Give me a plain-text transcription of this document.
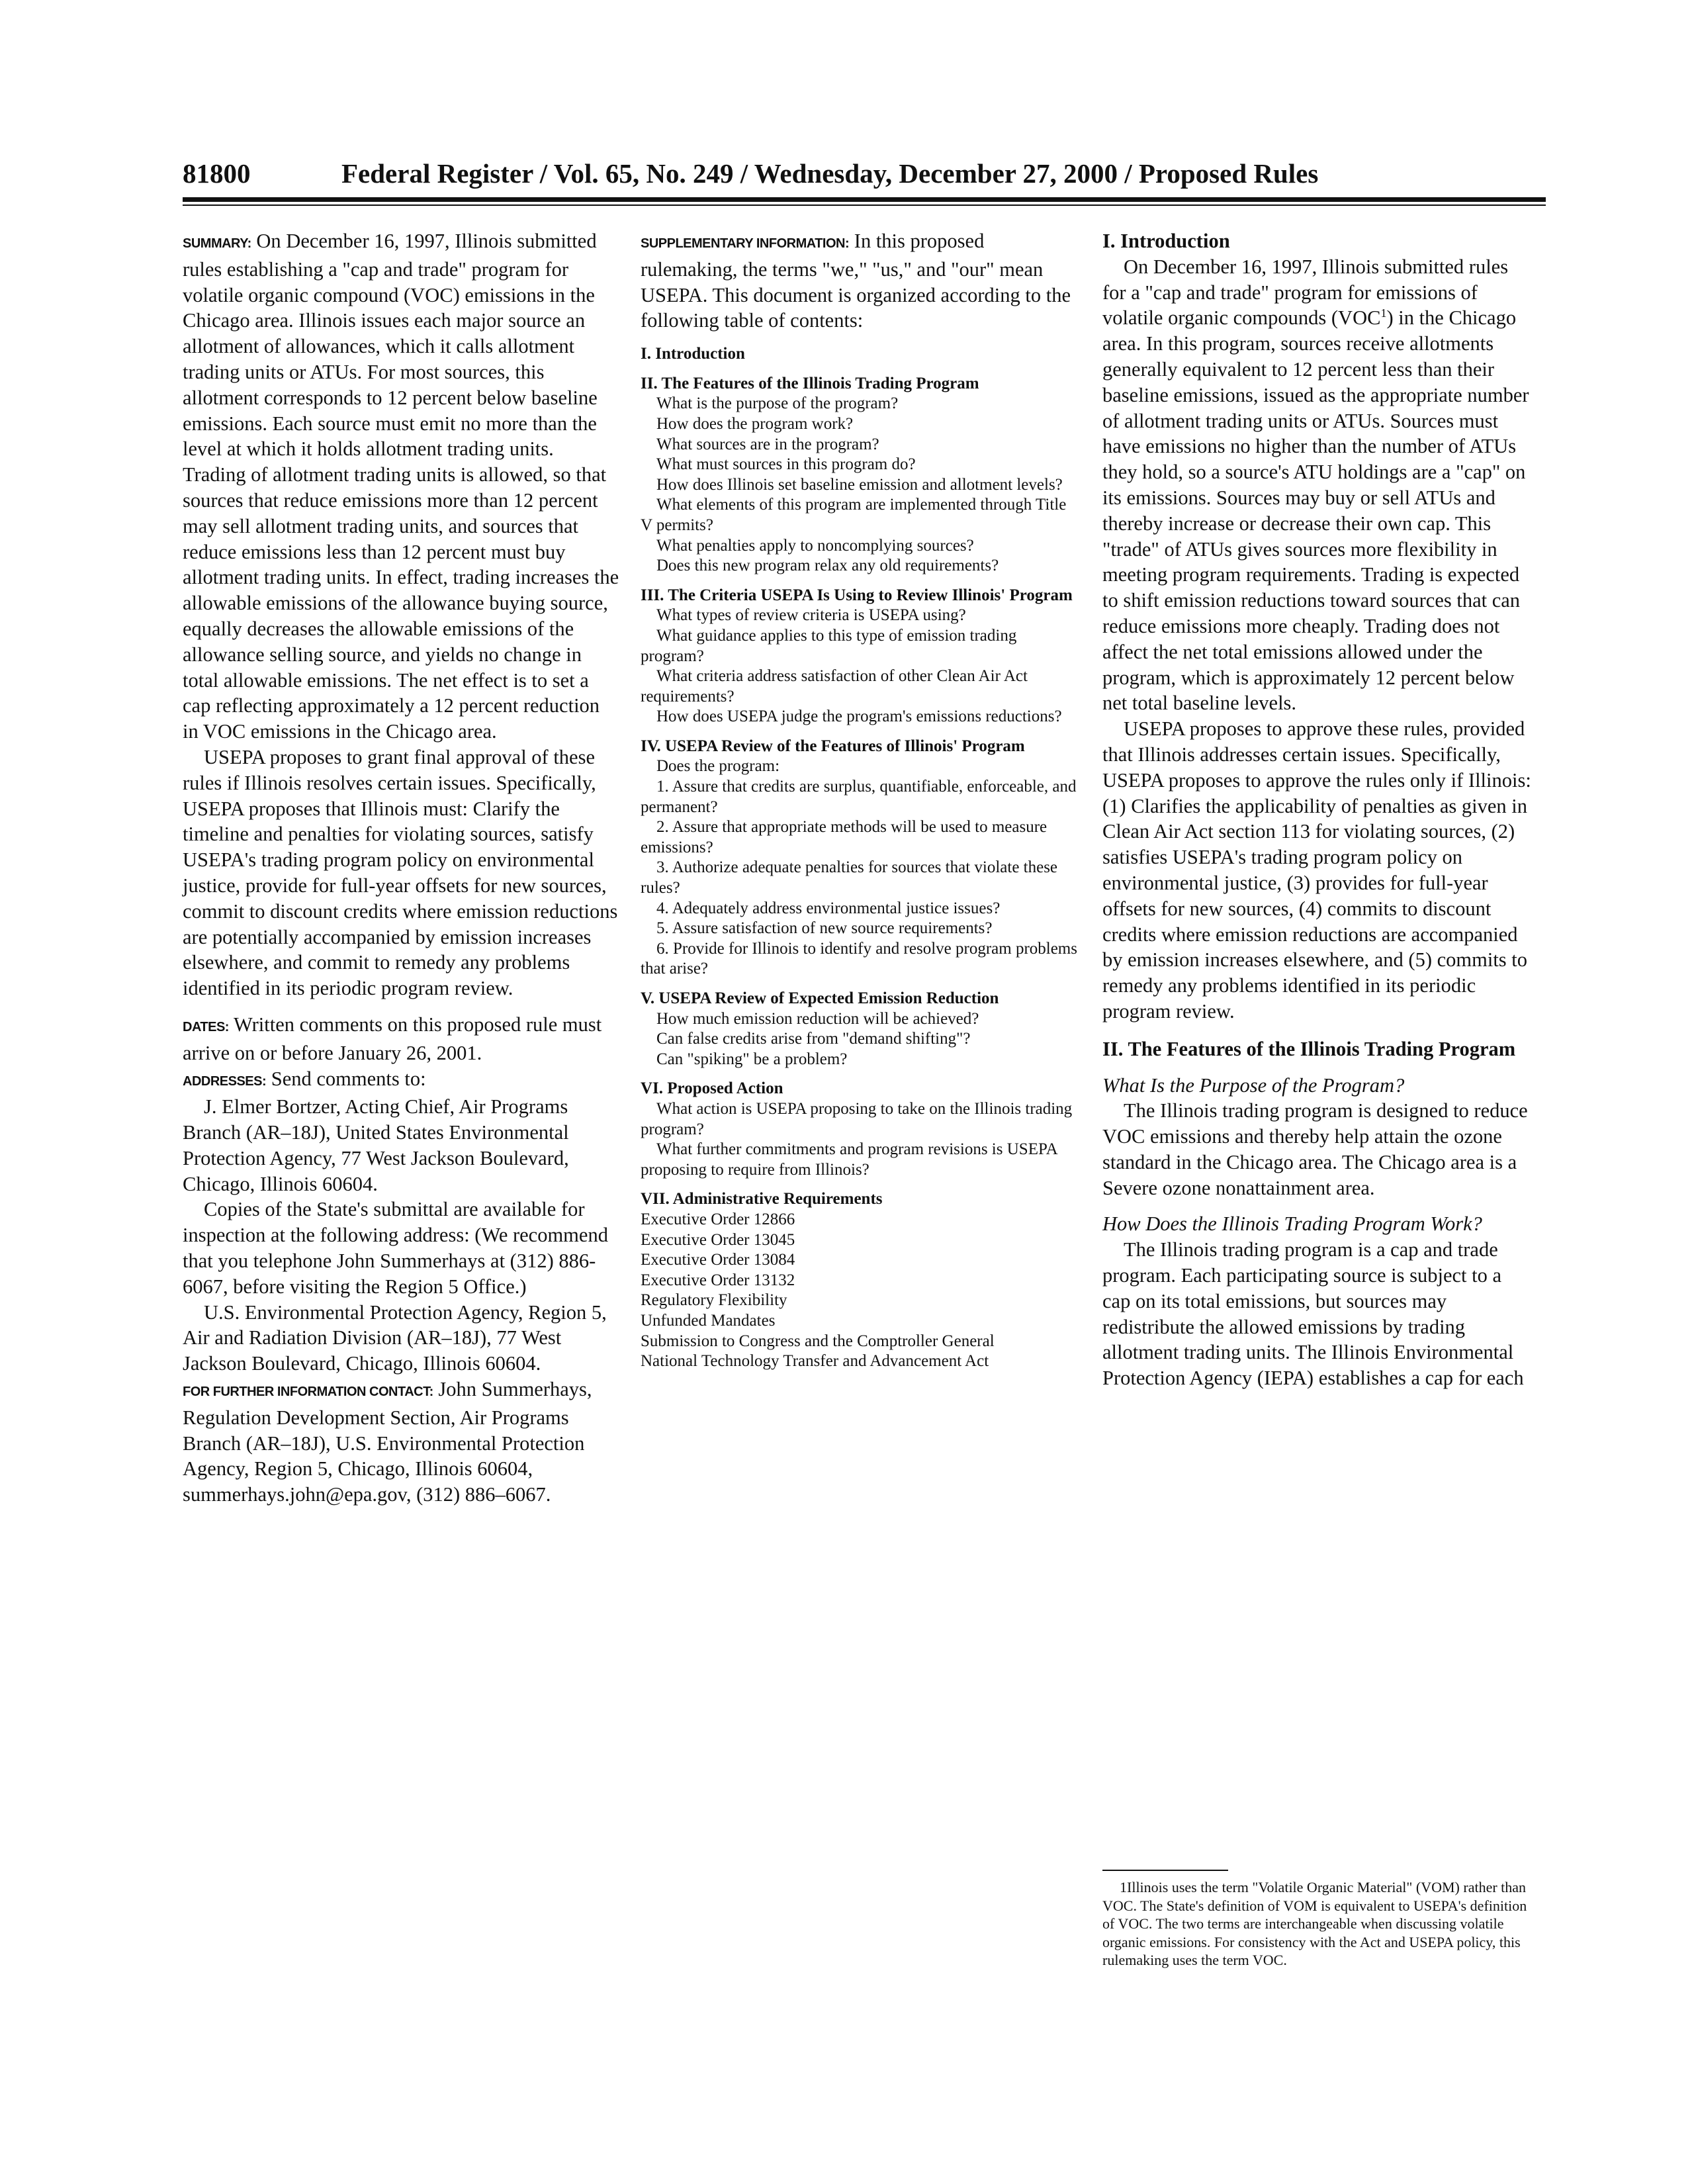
81800	Federal Register / Vol. 65, No. 249 / Wednesday, December 27, 2000 / Proposed Rules

SUMMARY: On December 16, 1997, Illinois submitted rules establishing a "cap and trade" program for volatile organic compound (VOC) emissions in the Chicago area. Illinois issues each major source an allotment of allowances, which it calls allotment trading units or ATUs. For most sources, this allotment corresponds to 12 percent below baseline emissions. Each source must emit no more than the level at which it holds allotment trading units. Trading of allotment trading units is allowed, so that sources that reduce emissions more than 12 percent may sell allotment trading units, and sources that reduce emissions less than 12 percent must buy allotment trading units. In effect, trading increases the allowable emissions of the allowance buying source, equally decreases the allowable emissions of the allowance selling source, and yields no change in total allowable emissions. The net effect is to set a cap reflecting approximately a 12 percent reduction in VOC emissions in the Chicago area.

USEPA proposes to grant final approval of these rules if Illinois resolves certain issues. Specifically, USEPA proposes that Illinois must: Clarify the timeline and penalties for violating sources, satisfy USEPA's trading program policy on environmental justice, provide for full-year offsets for new sources, commit to discount credits where emission reductions are potentially accompanied by emission increases elsewhere, and commit to remedy any problems identified in its periodic program review.

DATES: Written comments on this proposed rule must arrive on or before January 26, 2001.

ADDRESSES: Send comments to:

J. Elmer Bortzer, Acting Chief, Air Programs Branch (AR–18J), United States Environmental Protection Agency, 77 West Jackson Boulevard, Chicago, Illinois 60604.

Copies of the State's submittal are available for inspection at the following address: (We recommend that you telephone John Summerhays at (312) 886-6067, before visiting the Region 5 Office.)

U.S. Environmental Protection Agency, Region 5, Air and Radiation Division (AR–18J), 77 West Jackson Boulevard, Chicago, Illinois 60604.

FOR FURTHER INFORMATION CONTACT: John Summerhays, Regulation Development Section, Air Programs Branch (AR–18J), U.S. Environmental Protection Agency, Region 5, Chicago, Illinois 60604, summerhays.john@epa.gov, (312) 886–6067.

SUPPLEMENTARY INFORMATION: In this proposed rulemaking, the terms "we," "us," and "our" mean USEPA. This document is organized according to the following table of contents:

I. Introduction

II. The Features of the Illinois Trading Program

What is the purpose of the program?

How does the program work?

What sources are in the program?

What must sources in this program do?

How does Illinois set baseline emission and allotment levels?

What elements of this program are implemented through Title V permits?

What penalties apply to noncomplying sources?

Does this new program relax any old requirements?

III. The Criteria USEPA Is Using to Review Illinois' Program

What types of review criteria is USEPA using?

What guidance applies to this type of emission trading program?

What criteria address satisfaction of other Clean Air Act requirements?

How does USEPA judge the program's emissions reductions?

IV. USEPA Review of the Features of Illinois' Program

Does the program:

1. Assure that credits are surplus, quantifiable, enforceable, and permanent?

2. Assure that appropriate methods will be used to measure emissions?

3. Authorize adequate penalties for sources that violate these rules?

4. Adequately address environmental justice issues?

5. Assure satisfaction of new source requirements?

6. Provide for Illinois to identify and resolve program problems that arise?

V. USEPA Review of Expected Emission Reduction

How much emission reduction will be achieved?

Can false credits arise from "demand shifting"?

Can "spiking" be a problem?

VI. Proposed Action

What action is USEPA proposing to take on the Illinois trading program?

What further commitments and program revisions is USEPA proposing to require from Illinois?

VII. Administrative Requirements

Executive Order 12866

Executive Order 13045

Executive Order 13084

Executive Order 13132

Regulatory Flexibility

Unfunded Mandates

Submission to Congress and the Comptroller General

National Technology Transfer and Advancement Act

I. Introduction

On December 16, 1997, Illinois submitted rules for a "cap and trade" program for emissions of volatile organic compounds (VOC$^1$) in the Chicago area. In this program, sources receive allotments generally equivalent to 12 percent less than their baseline emissions, issued as the appropriate number of allotment trading units or ATUs. Sources must have emissions no higher than the number of ATUs they hold, so a source's ATU holdings are a "cap" on its emissions. Sources may buy or sell ATUs and thereby increase or decrease their own cap. This "trade" of ATUs gives sources more flexibility in meeting program requirements. Trading is expected to shift emission reductions toward sources that can reduce emissions more cheaply. Trading does not affect the net total emissions allowed under the program, which is approximately 12 percent below net total baseline levels.

USEPA proposes to approve these rules, provided that Illinois addresses certain issues. Specifically, USEPA proposes to approve the rules only if Illinois: (1) Clarifies the applicability of penalties as given in Clean Air Act section 113 for violating sources, (2) satisfies USEPA's trading program policy on environmental justice, (3) provides for full-year offsets for new sources, (4) commits to discount credits where emission reductions are accompanied by emission increases elsewhere, and (5) commits to remedy any problems identified in its periodic program review.

II. The Features of the Illinois Trading Program
What Is the Purpose of the Program?

The Illinois trading program is designed to reduce VOC emissions and thereby help attain the ozone standard in the Chicago area. The Chicago area is a Severe ozone nonattainment area.

How Does the Illinois Trading Program Work?

The Illinois trading program is a cap and trade program. Each participating source is subject to a cap on its total emissions, but sources may redistribute the allowed emissions by trading allotment trading units. The Illinois Environmental Protection Agency (IEPA) establishes a cap for each

1Illinois uses the term "Volatile Organic Material" (VOM) rather than VOC. The State's definition of VOM is equivalent to USEPA's definition of VOC. The two terms are interchangeable when discussing volatile organic emissions. For consistency with the Act and USEPA policy, this rulemaking uses the term VOC.
